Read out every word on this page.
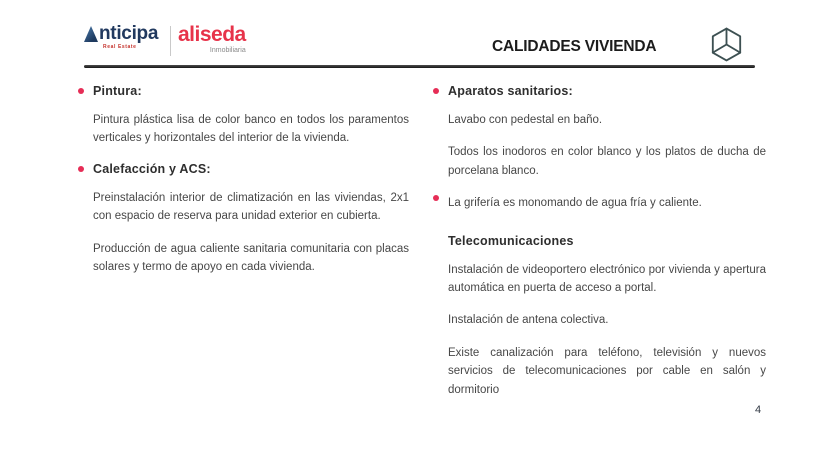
nticipa
Real Estate
aliseda
Inmobiliaria	CALIDADES VIVIENDA
Pintura:

Pintura plástica lisa de color banco en todos los paramentos verticales y horizontales del interior de la vivienda.

Calefacción y ACS:

Preinstalación interior de climatización en las viviendas, 2x1 con espacio de reserva para unidad exterior en cubierta.

Producción de agua caliente sanitaria comunitaria con placas solares y termo de apoyo en cada vivienda.

Aparatos sanitarios:

Lavabo con pedestal en baño.

Todos los inodoros en color blanco y los platos de ducha de porcelana blanco.

La grifería es monomando de agua fría y caliente.

Telecomunicaciones

Instalación de videoportero electrónico por vivienda y apertura automática en puerta de acceso a portal.

Instalación de antena colectiva.

Existe canalización para teléfono, televisión y nuevos servicios de telecomunicaciones por cable en salón y dormitorio

4
